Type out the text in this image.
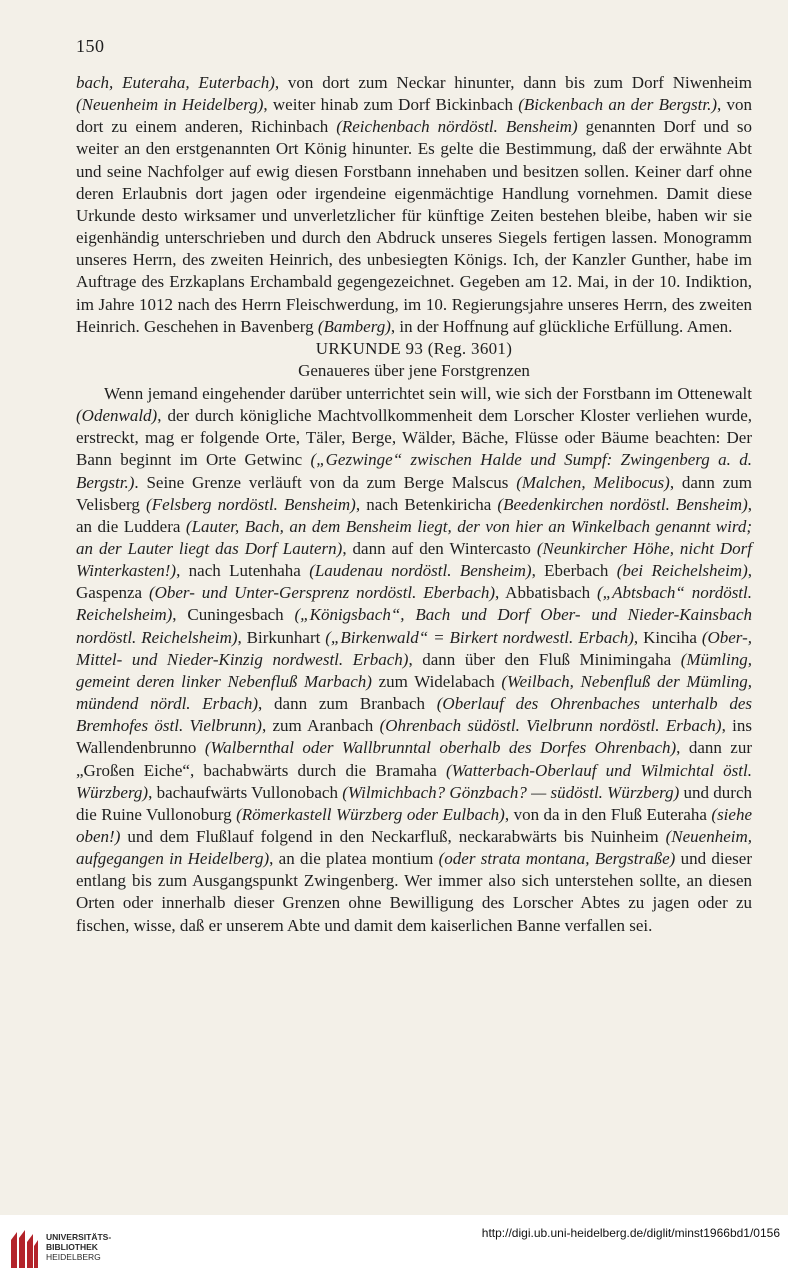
150

bach, Euteraha, Euterbach), von dort zum Neckar hinunter, dann bis zum Dorf Niwenheim (Neuenheim in Heidelberg), weiter hinab zum Dorf Bickinbach (Bickenbach an der Bergstr.), von dort zu einem anderen, Richinbach (Reichenbach nördöstl. Bensheim) genannten Dorf und so weiter an den erstgenannten Ort König hinunter. Es gelte die Bestimmung, daß der erwähnte Abt und seine Nachfolger auf ewig diesen Forstbann innehaben und besitzen sollen. Keiner darf ohne deren Erlaubnis dort jagen oder irgendeine eigenmächtige Handlung vornehmen. Damit diese Urkunde desto wirksamer und unverletzlicher für künftige Zeiten bestehen bleibe, haben wir sie eigenhändig unterschrieben und durch den Abdruck unseres Siegels fertigen lassen. Monogramm unseres Herrn, des zweiten Heinrich, des unbesiegten Königs. Ich, der Kanzler Gunther, habe im Auftrage des Erzkaplans Erchambald gegengezeichnet. Gegeben am 12. Mai, in der 10. Indiktion, im Jahre 1012 nach des Herrn Fleischwerdung, im 10. Regierungsjahre unseres Herrn, des zweiten Heinrich. Geschehen in Bavenberg (Bamberg), in der Hoffnung auf glückliche Erfüllung. Amen.

URKUNDE 93 (Reg. 3601)

Genaueres über jene Forstgrenzen

Wenn jemand eingehender darüber unterrichtet sein will, wie sich der Forstbann im Ottenewalt (Odenwald), der durch königliche Machtvollkommenheit dem Lorscher Kloster verliehen wurde, erstreckt, mag er folgende Orte, Täler, Berge, Wälder, Bäche, Flüsse oder Bäume beachten: Der Bann beginnt im Orte Getwinc („Gezwinge“ zwischen Halde und Sumpf: Zwingenberg a. d. Bergstr.). Seine Grenze verläuft von da zum Berge Malscus (Malchen, Melibocus), dann zum Velisberg (Felsberg nordöstl. Bensheim), nach Betenkiricha (Beedenkirchen nordöstl. Bensheim), an die Luddera (Lauter, Bach, an dem Bensheim liegt, der von hier an Winkelbach genannt wird; an der Lauter liegt das Dorf Lautern), dann auf den Wintercasto (Neunkircher Höhe, nicht Dorf Winterkasten!), nach Lutenhaha (Laudenau nordöstl. Bensheim), Eberbach (bei Reichelsheim), Gaspenza (Ober- und Unter-Gersprenz nordöstl. Eberbach), Abbatisbach („Abtsbach“ nordöstl. Reichelsheim), Cuningesbach („Königsbach“, Bach und Dorf Ober- und Nieder-Kainsbach nordöstl. Reichelsheim), Birkunhart („Birkenwald“ = Birkert nordwestl. Erbach), Kinciha (Ober-, Mittel- und Nieder-Kinzig nordwestl. Erbach), dann über den Fluß Minimingaha (Mümling, gemeint deren linker Nebenfluß Marbach) zum Widelabach (Weilbach, Nebenfluß der Mümling, mündend nördl. Erbach), dann zum Branbach (Oberlauf des Ohrenbaches unterhalb des Bremhofes östl. Vielbrunn), zum Aranbach (Ohrenbach südöstl. Vielbrunn nordöstl. Erbach), ins Wallendenbrunno (Walbernthal oder Wallbrunntal oberhalb des Dorfes Ohrenbach), dann zur „Großen Eiche“, bachabwärts durch die Bramaha (Watterbach-Oberlauf und Wilmichtal östl. Würzberg), bachaufwärts Vullonobach (Wilmichbach? Gönzbach? — südöstl. Würzberg) und durch die Ruine Vullonoburg (Römerkastell Würzberg oder Eulbach), von da in den Fluß Euteraha (siehe oben!) und dem Flußlauf folgend in den Neckarfluß, neckarabwärts bis Nuinheim (Neuenheim, aufgegangen in Heidelberg), an die platea montium (oder strata montana, Bergstraße) und dieser entlang bis zum Ausgangspunkt Zwingenberg. Wer immer also sich unterstehen sollte, an diesen Orten oder innerhalb dieser Grenzen ohne Bewilligung des Lorscher Abtes zu jagen oder zu fischen, wisse, daß er unserem Abte und damit dem kaiserlichen Banne verfallen sei.

UNIVERSITÄTS-
BIBLIOTHEK
HEIDELBERG
http://digi.ub.uni-heidelberg.de/diglit/minst1966bd1/0156
